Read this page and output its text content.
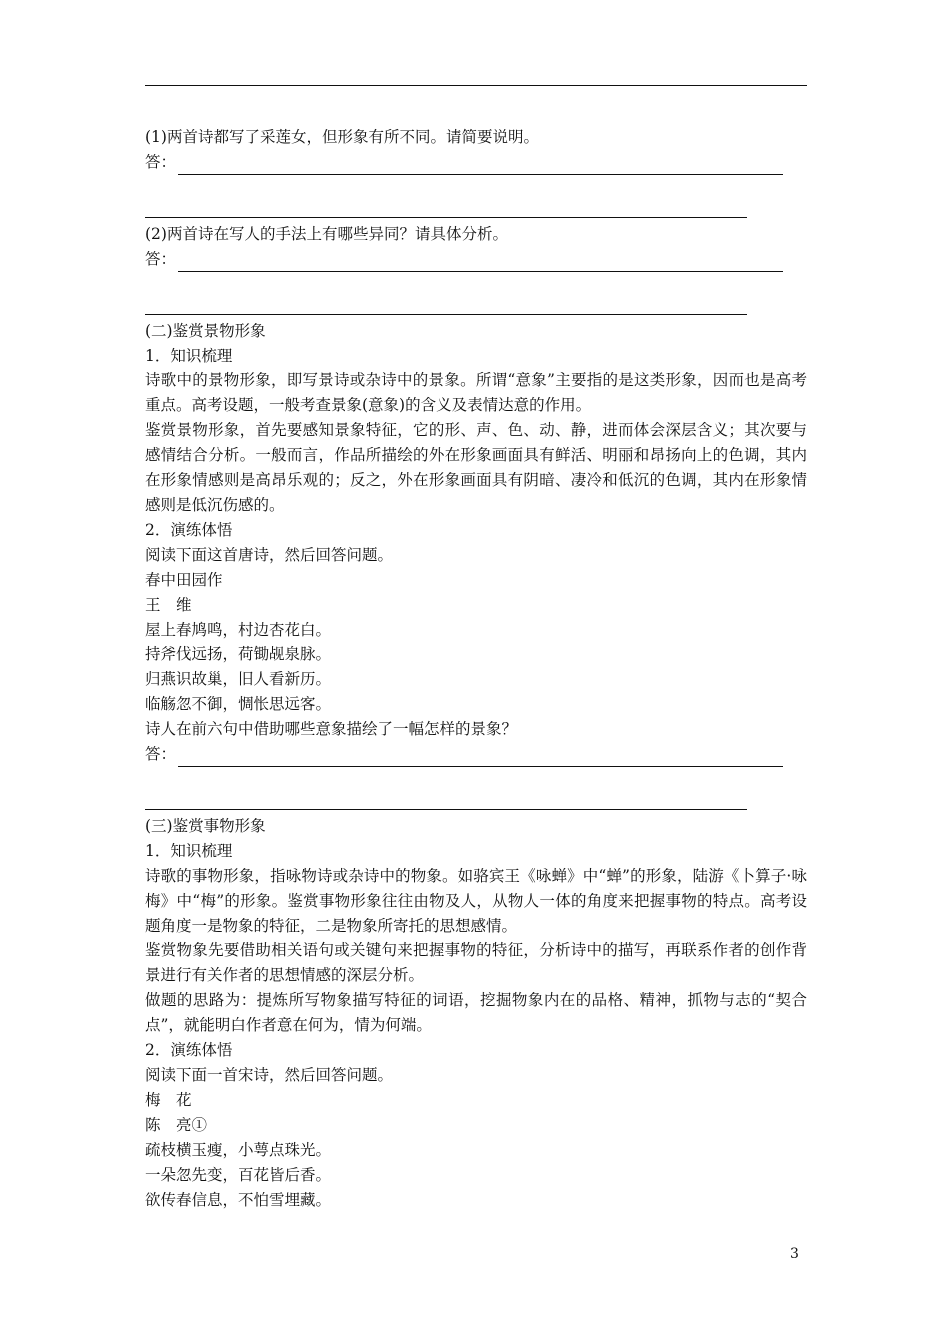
(1)两首诗都写了采莲女，但形象有所不同。请简要说明。
答：
(2)两首诗在写人的手法上有哪些异同？请具体分析。
答：
(二)鉴赏景物形象
1．知识梳理
诗歌中的景物形象，即写景诗或杂诗中的景象。所谓“意象”主要指的是这类形象，因而也是高考重点。高考设题，一般考查景象(意象)的含义及表情达意的作用。
鉴赏景物形象，首先要感知景象特征，它的形、声、色、动、静，进而体会深层含义；其次要与感情结合分析。一般而言，作品所描绘的外在形象画面具有鲜活、明丽和昂扬向上的色调，其内在形象情感则是高昂乐观的；反之，外在形象画面具有阴暗、凄冷和低沉的色调，其内在形象情感则是低沉伤感的。
2．演练体悟
阅读下面这首唐诗，然后回答问题。
春中田园作
王　维
屋上春鸠鸣，村边杏花白。
持斧伐远扬，荷锄觇泉脉。
归燕识故巢，旧人看新历。
临觞忽不御，惆怅思远客。
诗人在前六句中借助哪些意象描绘了一幅怎样的景象？
答：
(三)鉴赏事物形象
1．知识梳理
诗歌的事物形象，指咏物诗或杂诗中的物象。如骆宾王《咏蝉》中“蝉”的形象，陆游《卜算子·咏梅》中“梅”的形象。鉴赏事物形象往往由物及人，从物人一体的角度来把握事物的特点。高考设题角度一是物象的特征，二是物象所寄托的思想感情。
鉴赏物象先要借助相关语句或关键句来把握事物的特征，分析诗中的描写，再联系作者的创作背景进行有关作者的思想情感的深层分析。
做题的思路为：提炼所写物象描写特征的词语，挖掘物象内在的品格、精神，抓物与志的“契合点”，就能明白作者意在何为，情为何端。
2．演练体悟
阅读下面一首宋诗，然后回答问题。
梅　花
陈　亮①
疏枝横玉瘦，小萼点珠光。
一朵忽先变，百花皆后香。
欲传春信息，不怕雪埋藏。
3
